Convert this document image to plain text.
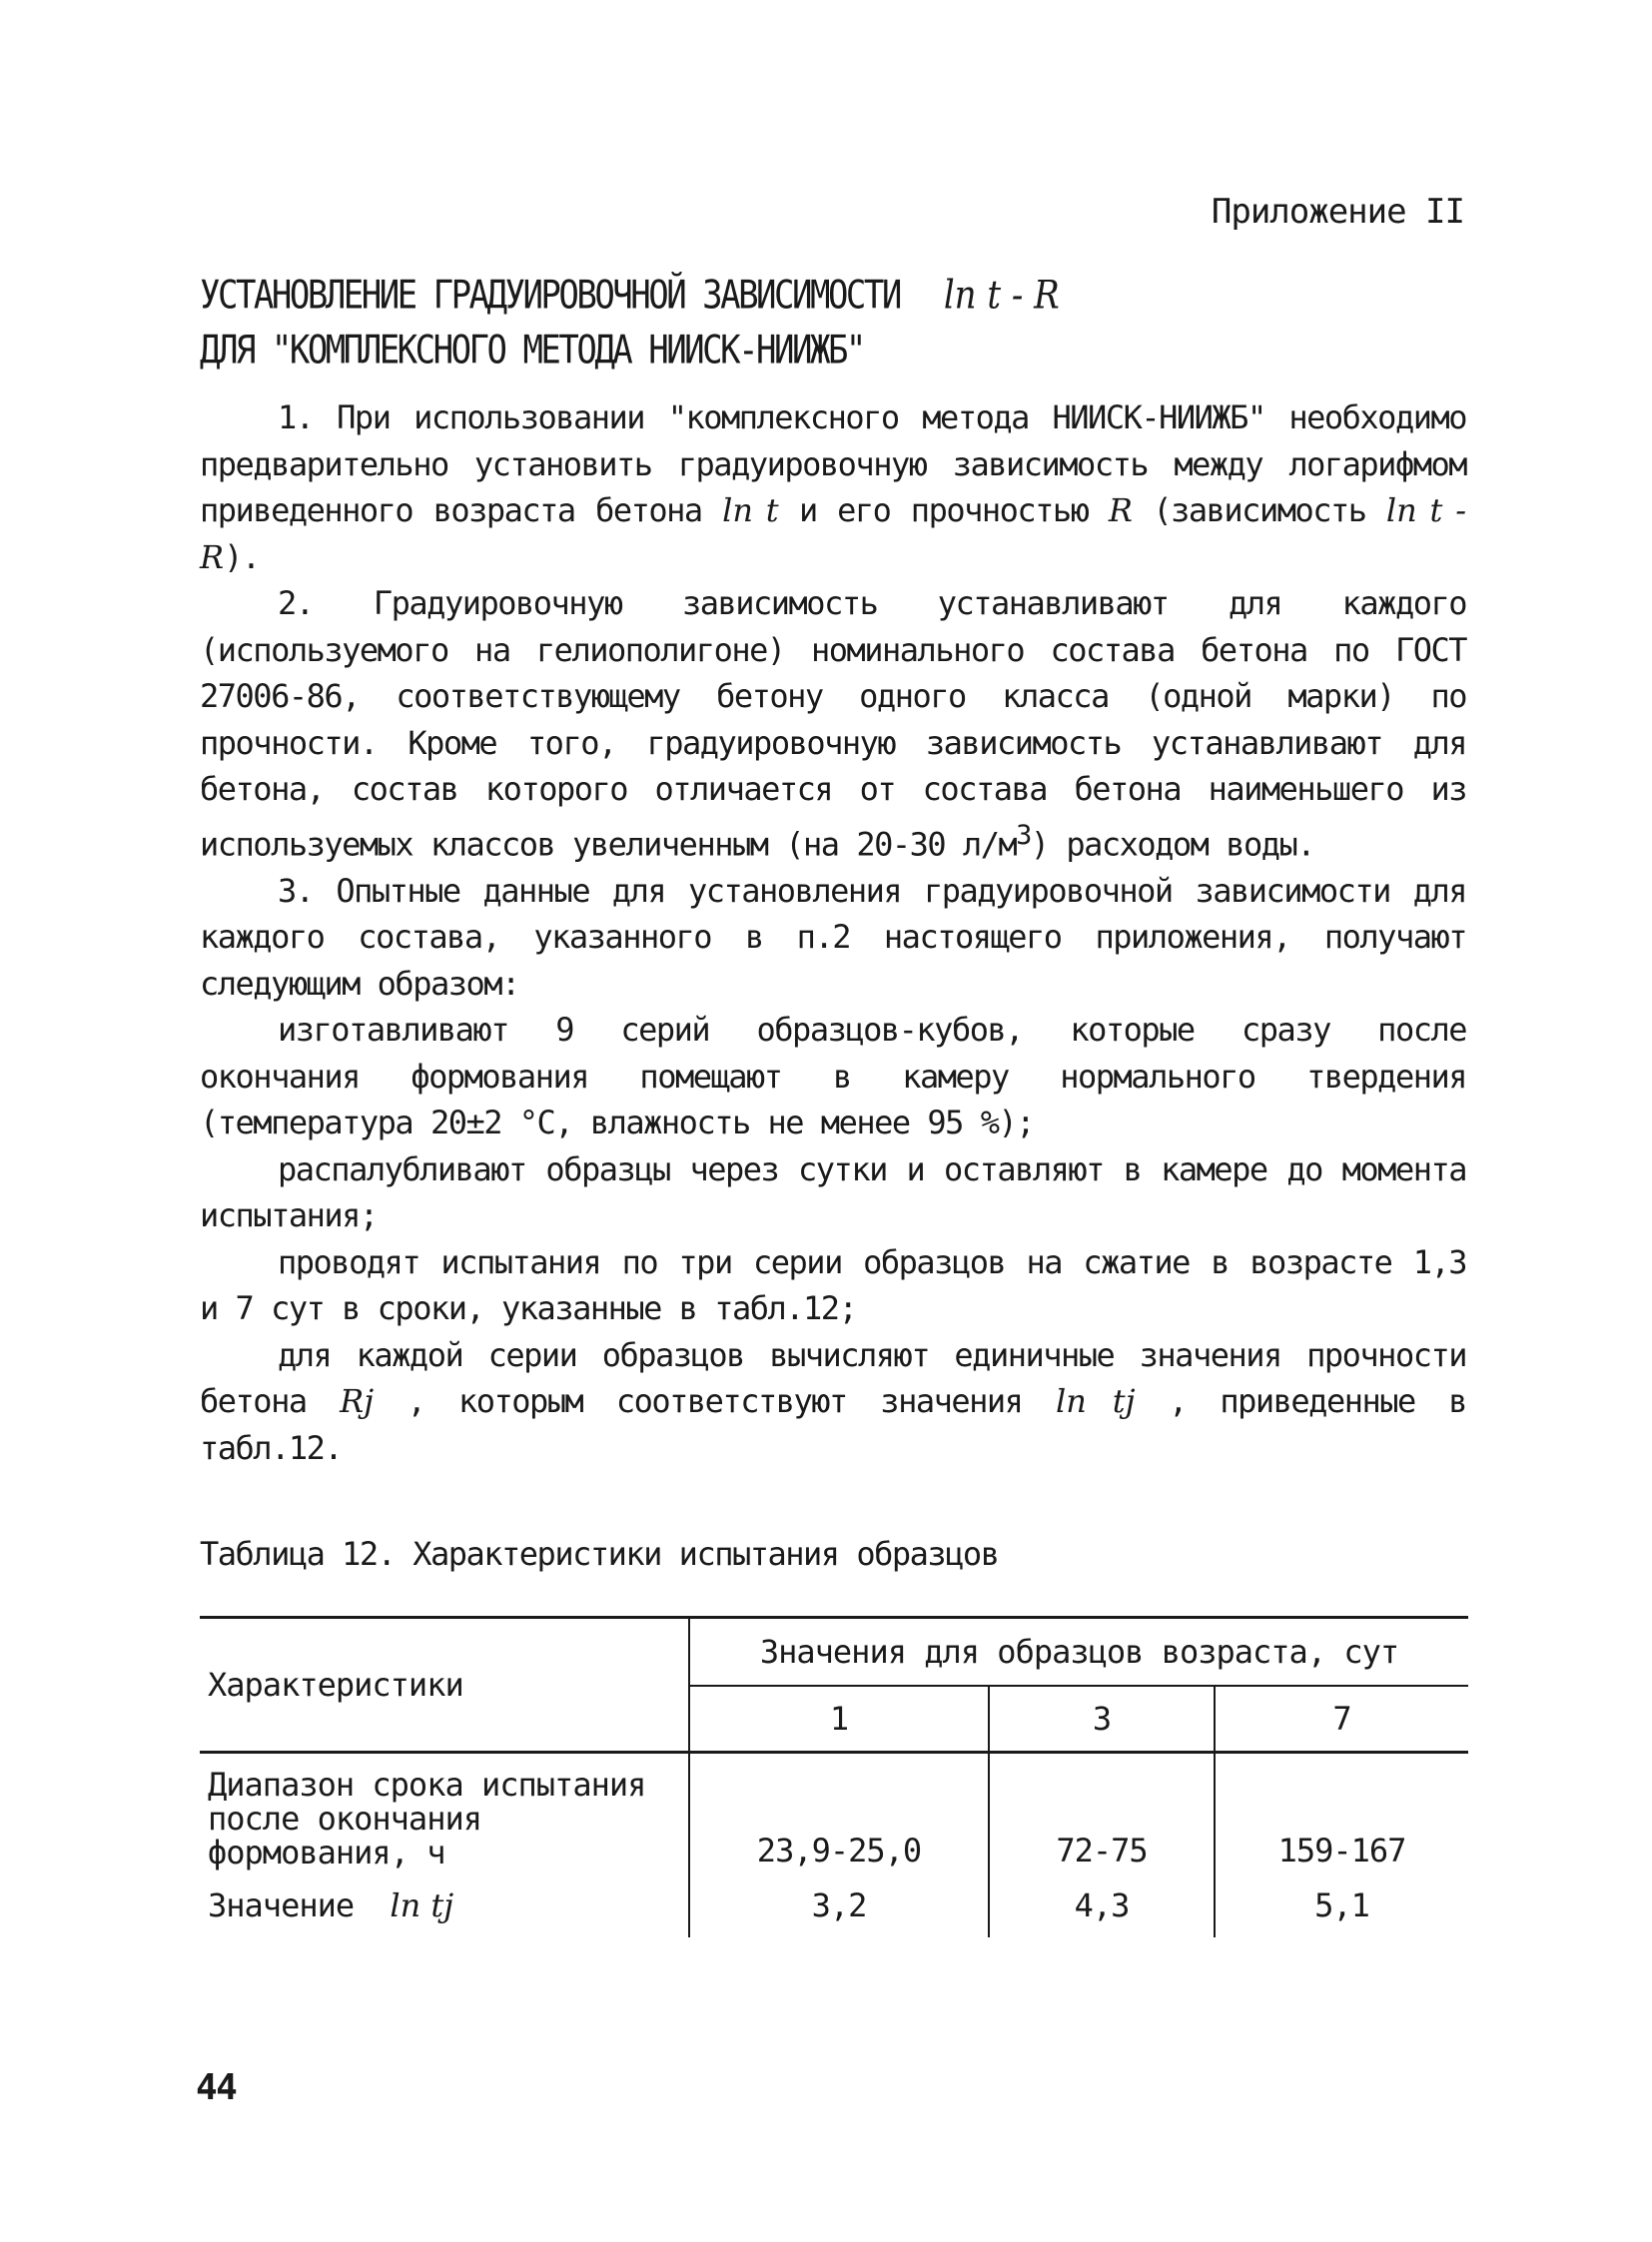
Приложение II
УСТАНОВЛЕНИЕ ГРАДУИРОВОЧНОЙ ЗАВИСИМОСТИ ln t - R
ДЛЯ "КОМПЛЕКСНОГО МЕТОДА НИИСК-НИИЖБ"

1. При использовании "комплексного метода НИИСК-НИИЖБ" необходимо предварительно установить градуировочную зависимость между логарифмом приведенного возраста бетона ln t и его прочностью R (зависимость ln t - R).

2. Градуировочную зависимость устанавливают для каждого (используемого на гелиополигоне) номинального состава бетона по ГОСТ 27006-86, соответствующему бетону одного класса (одной марки) по прочности. Кроме того, градуировочную зависимость устанавливают для бетона, состав которого отличается от состава бетона наименьшего из используемых классов увеличенным (на 20-30 $л/м^3$) расходом воды.

3. Опытные данные для установления градуировочной зависимости для каждого состава, указанного в п.2 настоящего приложения, получают следующим образом:

изготавливают 9 серий образцов-кубов, которые сразу после окончания формования помещают в камеру нормального твердения (температура 20±2 °С, влажность не менее 95 %);

распалубливают образцы через сутки и оставляют в камере до момента испытания;

проводят испытания по три серии образцов на сжатие в возрасте 1,3 и 7 сут в сроки, указанные в табл.12;

для каждой серии образцов вычисляют единичные значения прочности бетона Rj , которым соответствуют значения ln tj , приведенные в табл.12.

Таблица 12. Характеристики испытания образцов
Характеристики	Значения для образцов возраста, сут		
	1	3	7
Диапазон срока испытания после окончания формования, ч	23,9-25,0	72-75	159-167
Значение ln tj	3,2	4,3	5,1
44
